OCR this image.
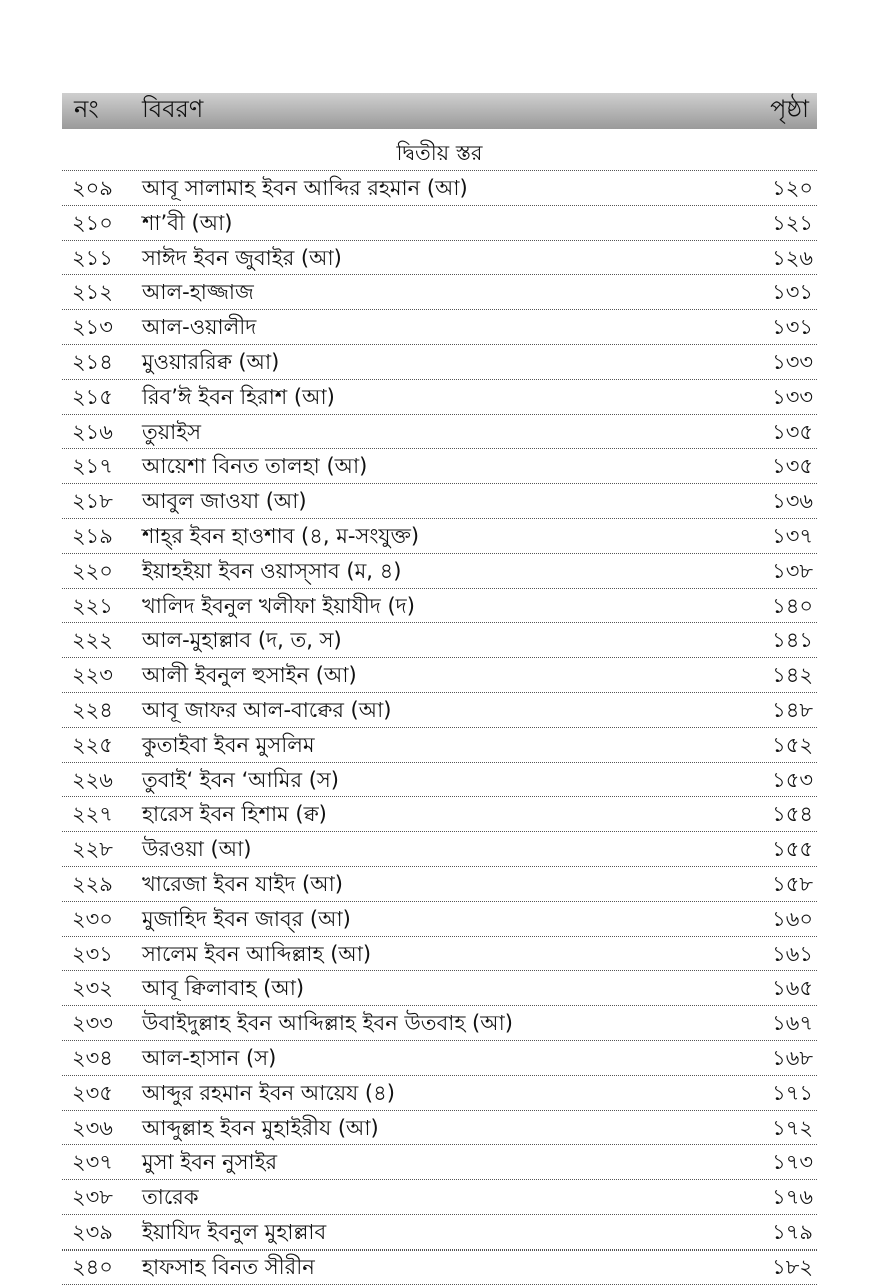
নং বিবরণ	পৃষ্ঠা
দ্বিতীয় স্তর
২০৯ আবূ সালামাহ ইবন আব্দির রহমান (আ)	১২০
২১০ শা’বী (আ)	১২১
২১১ সাঈদ ইবন জুবাইর (আ)	১২৬
২১২ আল-হাজ্জাজ	১৩১
২১৩ আল-ওয়ালীদ	১৩১
২১৪ মুওয়াররিক্ব (আ)	১৩৩
২১৫ রিব’ঈ ইবন হিরাশ (আ)	১৩৩
২১৬ তুয়াইস	১৩৫
২১৭ আয়েশা বিনত তালহা (আ)	১৩৫
২১৮ আবুল জাওযা (আ)	১৩৬
২১৯ শাহ্‌র ইবন হাওশাব (৪, ম-সংযুক্ত)	১৩৭
২২০ ইয়াহইয়া ইবন ওয়াস্সাব (ম, ৪)	১৩৮
২২১ খালিদ ইবনুল খলীফা ইয়াযীদ (দ)	১৪০
২২২ আল-মুহাল্লাব (দ, ত, স)	১৪১
২২৩ আলী ইবনুল হুসাইন (আ)	১৪২
২২৪ আবূ জাফর আল-বাক্বের (আ)	১৪৮
২২৫ কুতাইবা ইবন মুসলিম	১৫২
২২৬ তুবাই‘ ইবন ‘আমির (স)	১৫৩
২২৭ হারেস ইবন হিশাম (ক্ব)	১৫৪
২২৮ উরওয়া (আ)	১৫৫
২২৯ খারেজা ইবন যাইদ (আ)	১৫৮
২৩০ মুজাহিদ ইবন জাব্‌র (আ)	১৬০
২৩১ সালেম ইবন আব্দিল্লাহ (আ)	১৬১
২৩২ আবূ ক্বিলাবাহ (আ)	১৬৫
২৩৩ উবাইদুল্লাহ ইবন আব্দিল্লাহ ইবন উতবাহ (আ)	১৬৭
২৩৪ আল-হাসান (স)	১৬৮
২৩৫ আব্দুর রহমান ইবন আয়েয (৪)	১৭১
২৩৬ আব্দুল্লাহ ইবন মুহাইরীয (আ)	১৭২
২৩৭ মুসা ইবন নুসাইর	১৭৩
২৩৮ তারেক	১৭৬
২৩৯ ইয়াযিদ ইবনুল মুহাল্লাব	১৭৯
২৪০ হাফসাহ বিনত সীরীন	১৮২
